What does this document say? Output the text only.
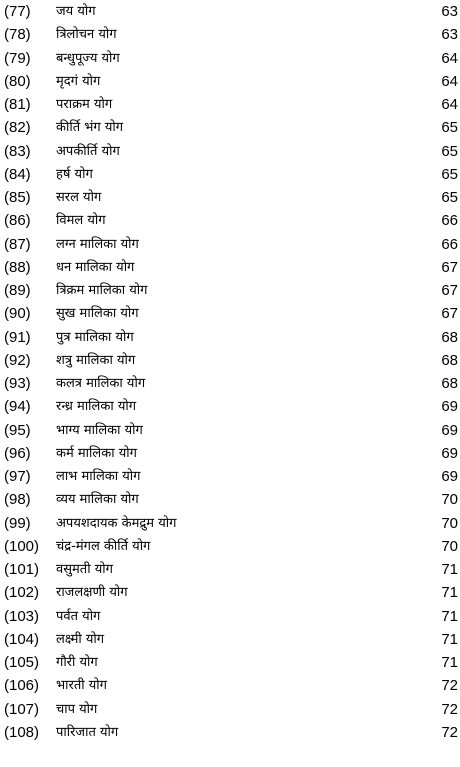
(77)	जय योग	63
(78)	त्रिलोचन योग	63
(79)	बन्धुपूज्य योग	64
(80)	मृदगं योग	64
(81)	पराक्रम योग	64
(82)	कीर्ति भंग योग	65
(83)	अपकीर्ति योग	65
(84)	हर्ष योग	65
(85)	सरल योग	65
(86)	विमल योग	66
(87)	लग्न मालिका योग	66
(88)	धन मालिका योग	67
(89)	त्रिक्रम मालिका योग	67
(90)	सुख मालिका योग	67
(91)	पुत्र मालिका योग	68
(92)	शत्रु मालिका योग	68
(93)	कलत्र मालिका योग	68
(94)	रन्ध्र मालिका योग	69
(95)	भाग्य मालिका योग	69
(96)	कर्म मालिका योग	69
(97)	लाभ मालिका योग	69
(98)	व्यय मालिका योग	70
(99)	अपयशदायक केमद्रुम योग	70
(100)	चंद्र-मंगल कीर्ति योग	70
(101)	वसुमती योग	71
(102)	राजलक्षणी योग	71
(103)	पर्वत योग	71
(104)	लक्ष्मी योग	71
(105)	गौरी योग	71
(106)	भारती योग	72
(107)	चाप योग	72
(108)	पारिजात योग	72
